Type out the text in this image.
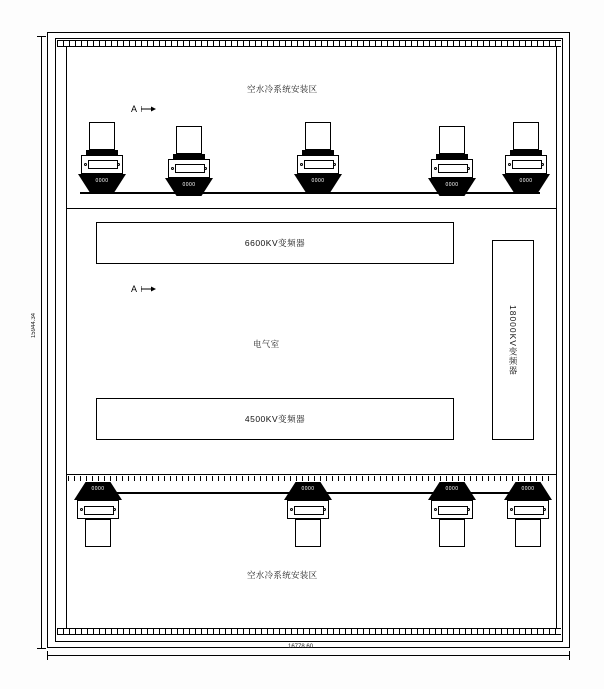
空水冷系统安装区
A
0000
0000
0000
0000
0000
6600KV变频器
A
电气室	18000KV变频器
4500KV变频器
0000	0000	0000	0000
空水冷系统安装区
15944.34
16778.60
